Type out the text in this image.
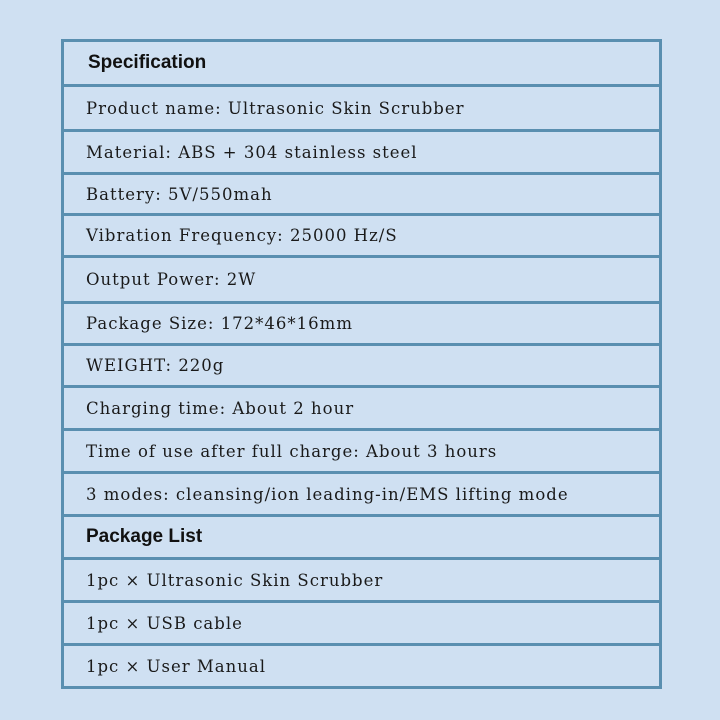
Specification
Product name: Ultrasonic Skin Scrubber
Material: ABS + 304 stainless steel
Battery: 5V/550mah
Vibration Frequency: 25000 Hz/S
Output Power: 2W
Package Size: 172*46*16mm
WEIGHT: 220g
Charging time: About 2 hour
Time of use after full charge: About 3 hours
3 modes: cleansing/ion leading-in/EMS lifting mode
Package List
1pc × Ultrasonic Skin Scrubber
1pc × USB cable
1pc × User Manual
